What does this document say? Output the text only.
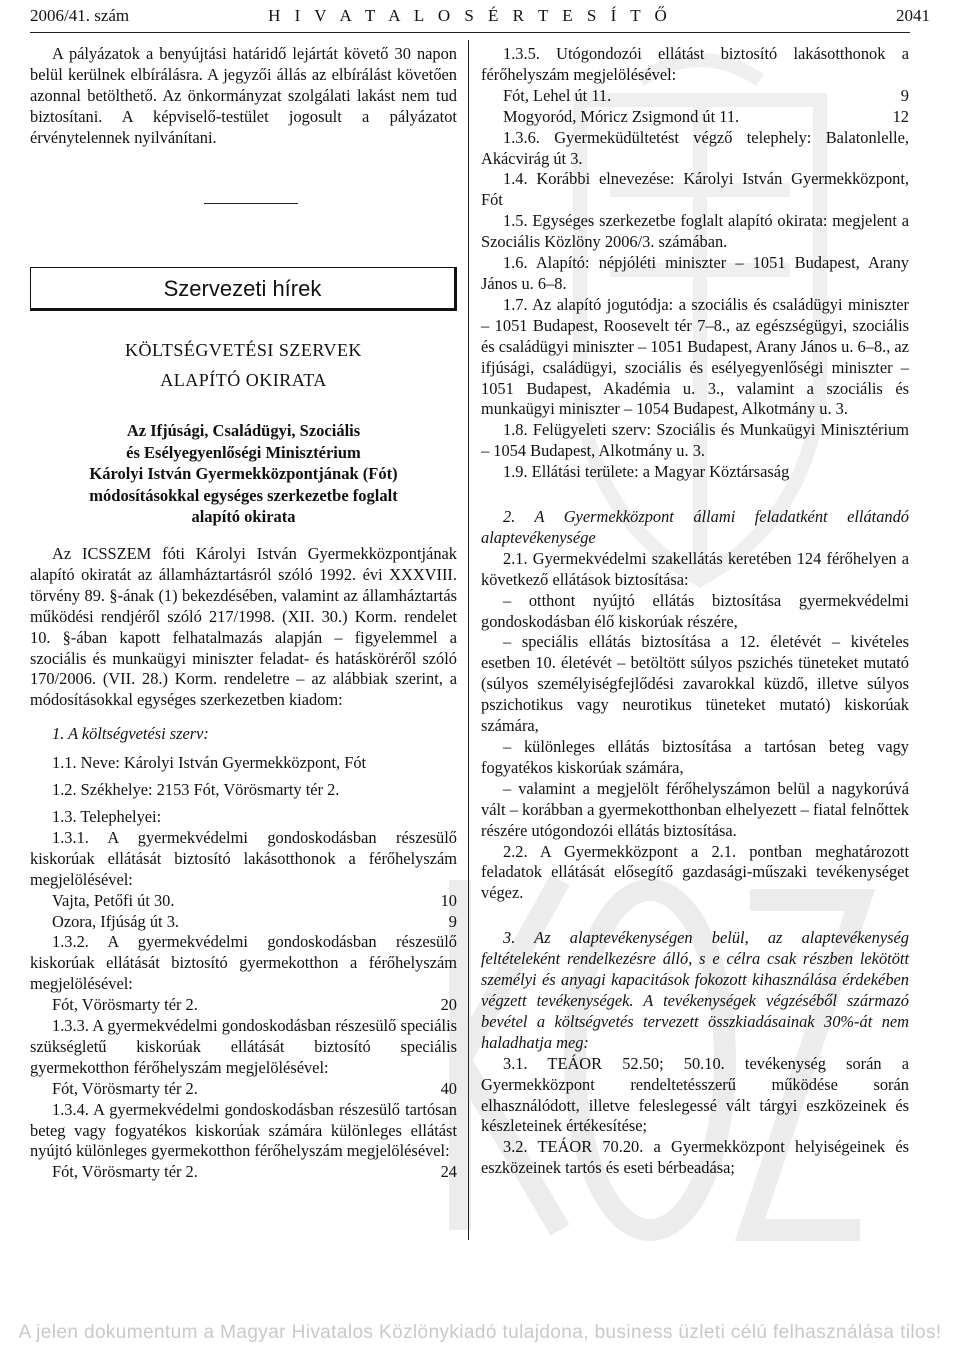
2006/41. szám	H I V A T A L O S É R T E S Í T Ő	2041

A pályázatok a benyújtási határidő lejártát követő 30 napon belül kerülnek elbírálásra. A jegyzői állás az elbírálást követően azonnal betölthető. Az önkormányzat szolgálati lakást nem tud biztosítani. A képviselő-testület jogosult a pályázatot érvénytelennek nyilvánítani.

Szervezeti hírek
KÖLTSÉGVETÉSI SZERVEK
ALAPÍTÓ OKIRATA
Az Ifjúsági, Családügyi, Szociális
és Esélyegyenlőségi Minisztérium
Károlyi István Gyermekközpontjának (Fót)
módosításokkal egységes szerkezetbe foglalt
alapító okirata

Az ICSSZEM fóti Károlyi István Gyermekközpontjának alapító okiratát az államháztartásról szóló 1992. évi XXXVIII. törvény 89. §-ának (1) bekezdésében, valamint az államháztartás működési rendjéről szóló 217/1998. (XII. 30.) Korm. rendelet 10. §-ában kapott felhatalmazás alapján – figyelemmel a szociális és munkaügyi miniszter feladat- és hatásköréről szóló 170/2006. (VII. 28.) Korm. rendeletre – az alábbiak szerint, a módosításokkal egységes szerkezetben kiadom:

1. A költségvetési szerv:

1.1. Neve: Károlyi István Gyermekközpont, Fót

1.2. Székhelye: 2153 Fót, Vörösmarty tér 2.

1.3. Telephelyei:

1.3.1. A gyermekvédelmi gondoskodásban részesülő kiskorúak ellátását biztosító lakásotthonok a férőhelyszám megjelölésével:

Vajta, Petőfi út 30.	10
Ozora, Ifjúság út 3.	9

1.3.2. A gyermekvédelmi gondoskodásban részesülő kiskorúak ellátását biztosító gyermekotthon a férőhelyszám megjelölésével:

Fót, Vörösmarty tér 2.	20

1.3.3. A gyermekvédelmi gondoskodásban részesülő speciális szükségletű kiskorúak ellátását biztosító speciális gyermekotthon férőhelyszám megjelölésével:

Fót, Vörösmarty tér 2.	40

1.3.4. A gyermekvédelmi gondoskodásban részesülő tartósan beteg vagy fogyatékos kiskorúak számára különleges ellátást nyújtó különleges gyermekotthon férőhelyszám megjelölésével:

Fót, Vörösmarty tér 2.	24

1.3.5. Utógondozói ellátást biztosító lakásotthonok a férőhelyszám megjelölésével:

Fót, Lehel út 11.	9
Mogyoród, Móricz Zsigmond út 11.	12

1.3.6. Gyermeküdültetést végző telephely: Balatonlelle, Akácvirág út 3.

1.4. Korábbi elnevezése: Károlyi István Gyermekközpont, Fót

1.5. Egységes szerkezetbe foglalt alapító okirata: megjelent a Szociális Közlöny 2006/3. számában.

1.6. Alapító: népjóléti miniszter – 1051 Budapest, Arany János u. 6–8.

1.7. Az alapító jogutódja: a szociális és családügyi miniszter – 1051 Budapest, Roosevelt tér 7–8., az egészségügyi, szociális és családügyi miniszter – 1051 Budapest, Arany János u. 6–8., az ifjúsági, családügyi, szociális és esélyegyenlőségi miniszter – 1051 Budapest, Akadémia u. 3., valamint a szociális és munkaügyi miniszter – 1054 Budapest, Alkotmány u. 3.

1.8. Felügyeleti szerv: Szociális és Munkaügyi Minisztérium – 1054 Budapest, Alkotmány u. 3.

1.9. Ellátási területe: a Magyar Köztársaság

2. A Gyermekközpont állami feladatként ellátandó alaptevékenysége

2.1. Gyermekvédelmi szakellátás keretében 124 férőhelyen a következő ellátások biztosítása:

– otthont nyújtó ellátás biztosítása gyermekvédelmi gondoskodásban élő kiskorúak részére,

– speciális ellátás biztosítása a 12. életévét – kivételes esetben 10. életévét – betöltött súlyos pszichés tüneteket mutató (súlyos személyiségfejlődési zavarokkal küzdő, illetve súlyos pszichotikus vagy neurotikus tüneteket mutató) kiskorúak számára,

– különleges ellátás biztosítása a tartósan beteg vagy fogyatékos kiskorúak számára,

– valamint a megjelölt férőhelyszámon belül a nagykorúvá vált – korábban a gyermekotthonban elhelyezett – fiatal felnőttek részére utógondozói ellátás biztosítása.

2.2. A Gyermekközpont a 2.1. pontban meghatározott feladatok ellátását elősegítő gazdasági-műszaki tevékenységet végez.

3. Az alaptevékenységen belül, az alaptevékenység feltételeként rendelkezésre álló, s e célra csak részben lekötött személyi és anyagi kapacitások fokozott kihasználása érdekében végzett tevékenységek. A tevékenységek végzéséből származó bevétel a költségvetés tervezett összkiadásainak 30%-át nem haladhatja meg:

3.1. TEÁOR 52.50; 50.10. tevékenység során a Gyermekközpont rendeltetésszerű működése során elhasználódott, illetve feleslegessé vált tárgyi eszközeinek és készleteinek értékesítése;

3.2. TEÁOR 70.20. a Gyermekközpont helyiségeinek és eszközeinek tartós és eseti bérbeadása;

A jelen dokumentum a Magyar Hivatalos Közlönykiadó tulajdona, business üzleti célú felhasználása tilos!
